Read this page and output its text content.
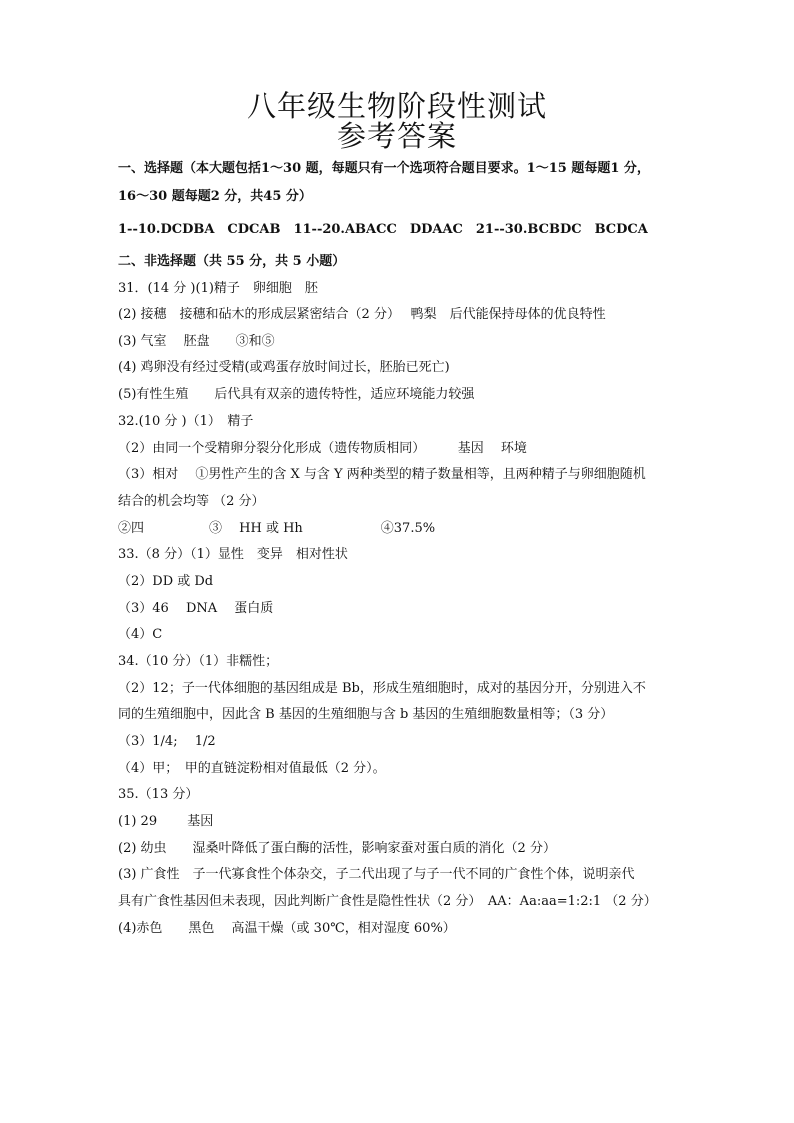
八年级生物阶段性测试
参考答案
一、选择题（本大题包括1～30 题，每题只有一个选项符合题目要求。1～15 题每题1 分，
16～30 题每题2 分，共45 分）
1--10.DCDBA　CDCAB　11--20.ABACC　DDAAC　21--30.BCBDC　BCDCA
二、非选择题（共 55 分，共 5 小题）
31．(14 分 )(1)精子　卵细胞　胚
(2) 接穗　接穗和砧木的形成层紧密结合（2 分）　 鸭梨　后代能保持母体的优良特性
(3) 气室　 胚盘　　③和⑤
(4) 鸡卵没有经过受精(或鸡蛋存放时间过长，胚胎已死亡)
(5)有性生殖　　后代具有双亲的遗传特性，适应环境能力较强
32.(10 分 )（1）　精子
（2）由同一个受精卵分裂分化形成（遗传物质相同）　　　基因　 环境
（3）相对　 ①男性产生的含 X 与含 Y 两种类型的精子数量相等，且两种精子与卵细胞随机
结合的机会均等 （2 分）
②四　　　　　③　 HH 或 Hh　　　　　　④37.5%
33.（8 分）（1）显性　变异　相对性状
（2）DD 或 Dd
（3）46　 DNA　 蛋白质
（4）C
34.（10 分）（1）非糯性；
（2）12；子一代体细胞的基因组成是 Bb，形成生殖细胞时，成对的基因分开，分别进入不
同的生殖细胞中，因此含 B 基因的生殖细胞与含 b 基因的生殖细胞数量相等；（3 分）
（3）1/4;　 1/2
（4）甲；　甲的直链淀粉相对值最低（2 分）。
35.（13 分）
(1) 29　　 基因
(2) 幼虫　　湿桑叶降低了蛋白酶的活性，影响家蚕对蛋白质的消化（2 分）
(3) 广食性　子一代寡食性个体杂交，子二代出现了与子一代不同的广食性个体，说明亲代
具有广食性基因但未表现，因此判断广食性是隐性性状（2 分）　AA：Aa:aa=1:2:1 （2 分）
(4)赤色　　黑色　 高温干燥（或 30℃，相对湿度 60%）
